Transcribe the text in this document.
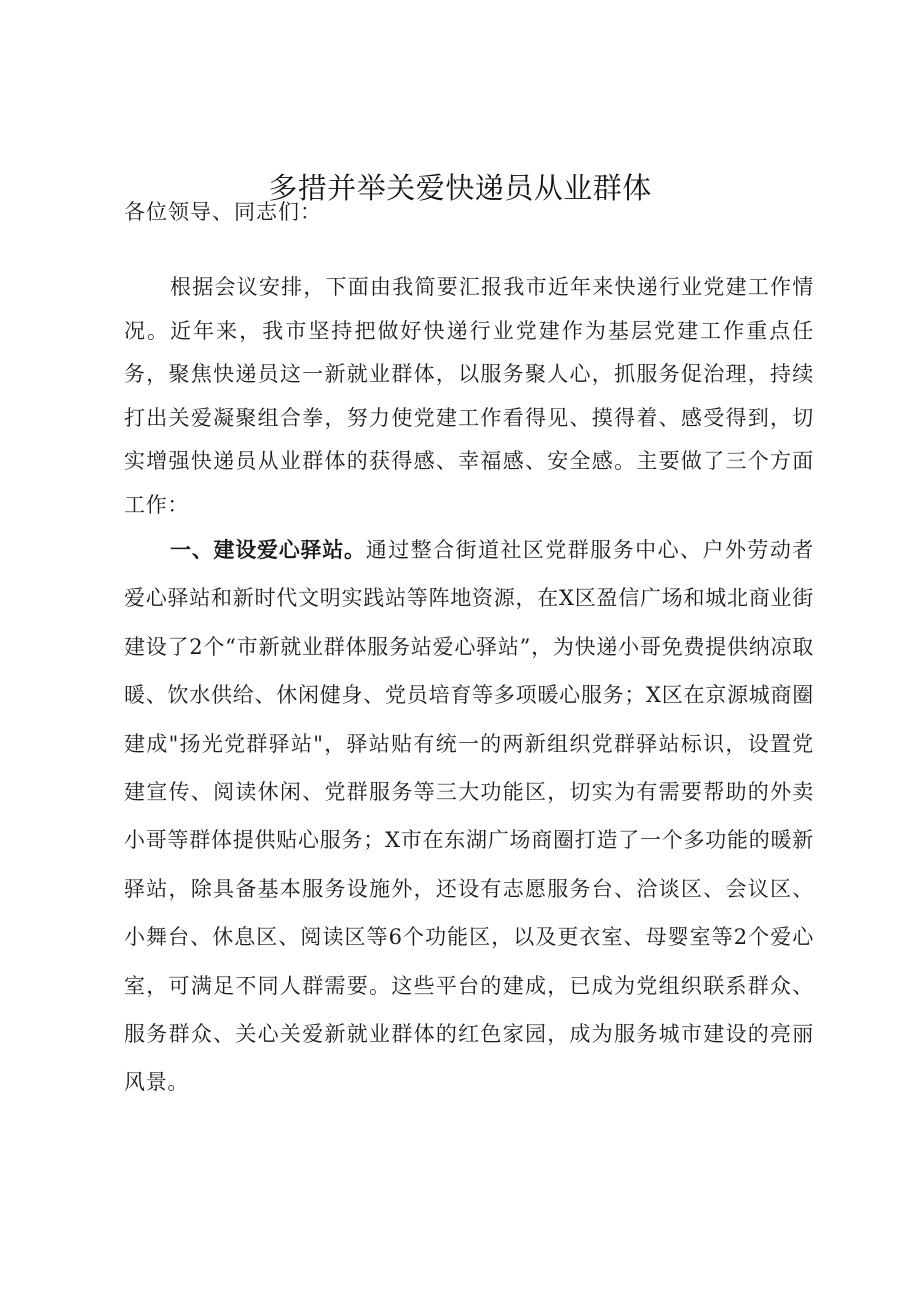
多措并举关爱快递员从业群体

各位领导、同志们：

根据会议安排，下面由我简要汇报我市近年来快递行业党建工作情况。近年来，我市坚持把做好快递行业党建作为基层党建工作重点任务，聚焦快递员这一新就业群体，以服务聚人心，抓服务促治理，持续打出关爱凝聚组合拳，努力使党建工作看得见、摸得着、感受得到，切实增强快递员从业群体的获得感、幸福感、安全感。主要做了三个方面工作：

一、建设爱心驿站。通过整合街道社区党群服务中心、户外劳动者爱心驿站和新时代文明实践站等阵地资源，在X区盈信广场和城北商业街建设了2个“市新就业群体服务站爱心驿站”，为快递小哥免费提供纳凉取暖、饮水供给、休闲健身、党员培育等多项暖心服务；X区在京源城商圈建成"扬光党群驿站"，驿站贴有统一的两新组织党群驿站标识，设置党建宣传、阅读休闲、党群服务等三大功能区，切实为有需要帮助的外卖小哥等群体提供贴心服务；X市在东湖广场商圈打造了一个多功能的暖新驿站，除具备基本服务设施外，还设有志愿服务台、洽谈区、会议区、小舞台、休息区、阅读区等6个功能区，以及更衣室、母婴室等2个爱心室，可满足不同人群需要。这些平台的建成，已成为党组织联系群众、服务群众、关心关爱新就业群体的红色家园，成为服务城市建设的亮丽风景。
